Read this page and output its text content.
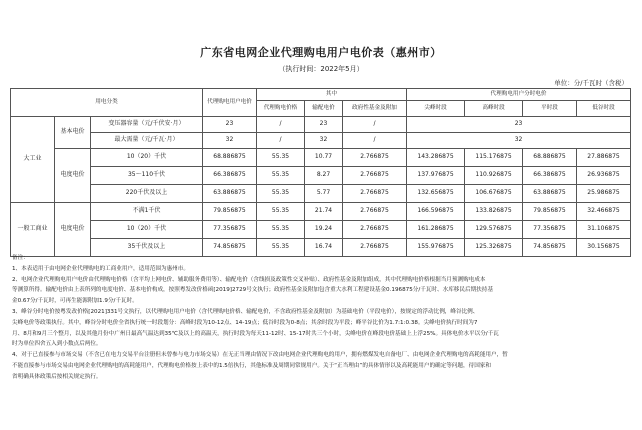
广东省电网企业代理购电用户电价表（惠州市）
（执行时间：2022年5月）
单位：分/千瓦时（含税）
用电分类			代理购电用户电价	其中			代理购电用户分时电价			
				代理购电价格	输配电价	政府性基金及附加	尖峰时段	高峰时段	平时段	低谷时段
大工业	基本电价	变压器容量（元/千伏安·月）	23	/	23	/	23			
		最大需量（元/千瓦·月）	32	/	32	/	32			
	电度电价	10（20）千伏	68.886875	55.35	10.77	2.766875	143.286875	115.176875	68.886875	27.886875
		35～110千伏	66.386875	55.35	8.27	2.766875	137.976875	110.926875	66.386875	26.936875
		220千伏及以上	63.886875	55.35	5.77	2.766875	132.656875	106.676875	63.886875	25.986875
一般工商业	电度电价	不满1千伏	79.856875	55.35	21.74	2.766875	166.596875	133.826875	79.856875	32.466875
		10（20）千伏	77.356875	55.35	19.24	2.766875	161.286875	129.576875	77.356875	31.106875
		35千伏及以上	74.856875	55.35	16.74	2.766875	155.976875	125.326875	74.856875	30.156875

备注：

1、本表适用于由电网企业代理购电的工商业用户，适用范围为惠州市。

2、电网企业代理购电用户电价由代理购电价格（含平均上网电价、辅助服务费用等）、输配电价（含线损及政策性交叉补贴）、政府性基金及附加组成，其中代理购电价格根据当月预测购电成本

等测算所得。输配电价由上表所列的电度电价、基本电价构成，按照粤发改价格函[2019]2729号文执行；政府性基金及附加包含重大水利工程建设基金0.196875分/千瓦时、水库移民后期扶持基

金0.67分/千瓦时，可再生能源附加1.9分/千瓦时。

3、峰谷分时电价按粤发改价格[2021]331号文执行，以代理购电用户电价（含代理购电价格、输配电价，不含政府性基金及附加）为基础电价（平段电价），按规定的浮动比例，峰谷比例、

尖峰电价等政策执行。其中，峰谷分时电价全省执行统一时段划分：高峰时段为10-12点、14-19点；低谷时段为0-8点；其余时段为平段；峰平谷比价为1.7:1:0.38。尖峰电价执行时间为7

月、8月和9月三个整月，以及其他月份中广州日最高气温达到35℃及以上的高温天，执行时段为每天11-12时、15-17时共三个小时，尖峰电价在峰段电价基础上上浮25%。具体电价水平以分/千瓦

时为单位四舍五入到小数点后两位。

4、对于已直接参与市场交易（不含已在电力交易平台注册但未曾参与电力市场交易）在无正当理由情况下改由电网企业代理购电的用户，拥有燃煤发电自备电厂、由电网企业代理购电的高耗能用户，暂

不能直接参与市场交易由电网企业代理购电的高耗能用户，代理购电价格按上表中的1.5倍执行，其他标准及周期同常规用户。关于“正当理由”的具体情形以及高耗能用户的确定等问题，待国家和

省明确具体政策后按相关规定执行。
